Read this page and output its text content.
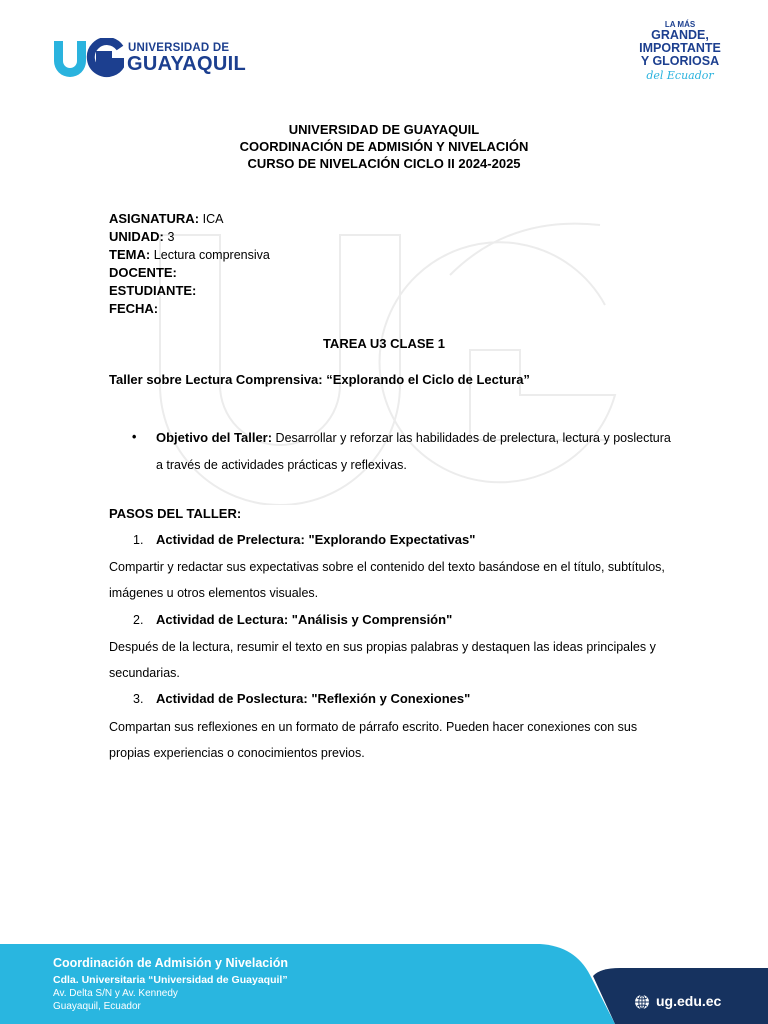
UNIVERSIDAD DE
GUAYAQUIL
LA MÁS
GRANDE,
IMPORTANTE
Y GLORIOSA
del Ecuador
UNIVERSIDAD DE GUAYAQUIL
COORDINACIÓN DE ADMISIÓN Y NIVELACIÓN
CURSO DE NIVELACIÓN CICLO II 2024-2025
ASIGNATURA: ICA
UNIDAD: 3
TEMA: Lectura comprensiva
DOCENTE:
ESTUDIANTE:
FECHA:
TAREA U3 CLASE 1
Taller sobre Lectura Comprensiva: “Explorando el Ciclo de Lectura”
• Objetivo del Taller: Desarrollar y reforzar las habilidades de prelectura, lectura y poslectura a través de actividades prácticas y reflexivas.
PASOS DEL TALLER:
1. Actividad de Prelectura: "Explorando Expectativas"
Compartir y redactar sus expectativas sobre el contenido del texto basándose en el título, subtítulos, imágenes u otros elementos visuales.
2. Actividad de Lectura: "Análisis y Comprensión"
Después de la lectura, resumir el texto en sus propias palabras y destaquen las ideas principales y secundarias.
3. Actividad de Poslectura: "Reflexión y Conexiones"
Compartan sus reflexiones en un formato de párrafo escrito. Pueden hacer conexiones con sus propias experiencias o conocimientos previos.
Coordinación de Admisión y Nivelación
Cdla. Universitaria “Universidad de Guayaquil”
Av. Delta S/N y Av. Kennedy
Guayaquil, Ecuador	ug.edu.ec
